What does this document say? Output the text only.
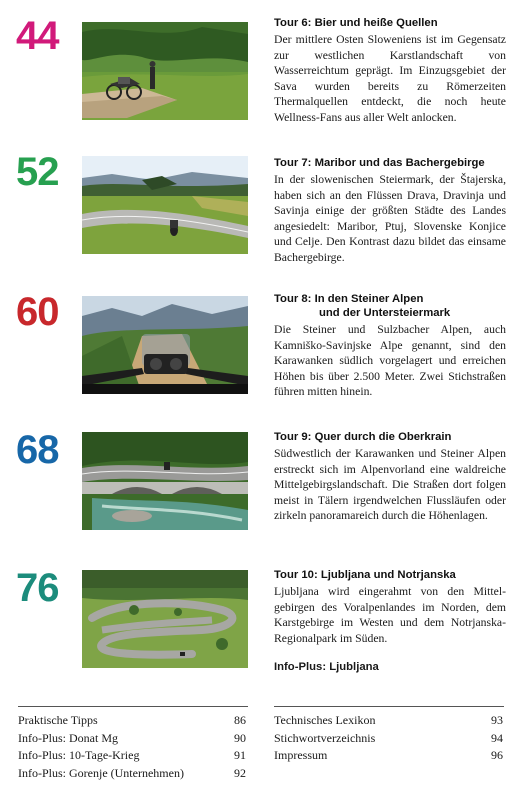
44	Tour 6: Bier und heiße Quellen

Der mittlere Osten Sloweniens ist im Gegensatz zur westlichen Karstlandschaft von Wasserreichtum geprägt. Im Einzugsgebiet der Sava wurden bereits zu Römerzeiten Thermalquellen entdeckt, die noch heute Wellness-Fans aus aller Welt anlocken.

52	Tour 7: Maribor und das Bachergebirge

In der slowenischen Steiermark, der Štajerska, haben sich an den Flüssen Drava, Dravinja und Savinja einige der größten Städte des Landes angesiedelt: Maribor, Ptuj, Slovenske Konjice und Celje. Den Kontrast dazu bildet das einsame Bachergebirge.

60	Tour 8: In den Steiner Alpen
und der Untersteiermark

Die Steiner und Sulzbacher Alpen, auch Kamniško-Savinjske Alpe genannt, sind den Karawanken südlich vorgelagert und erreichen Höhen bis über 2.500 Meter. Zwei Stichstraßen führen mitten hinein.

68	Tour 9: Quer durch die Oberkrain

Südwestlich der Karawanken und Steiner Alpen erstreckt sich im Alpenvorland eine waldreiche Mittelgebirgslandschaft. Die Straßen dort folgen meist in Tälern irgendwelchen Flussläufen oder zirkeln panoramareich durch die Höhenlagen.

76	Tour 10: Ljubljana und Notrjanska

Ljubljana wird eingerahmt von den Mittelgebirgen des Voralpenlandes im Norden, dem Karstgebirge im Westen und dem Notrjanska-Regionalpark im Süden.

Info-Plus: Ljubljana
Praktische Tipps	86
Info-Plus: Donat Mg	90
Info-Plus: 10-Tage-Krieg	91
Info-Plus: Gorenje (Unternehmen)	92
Technisches Lexikon	93
Stichwortverzeichnis	94
Impressum	96
